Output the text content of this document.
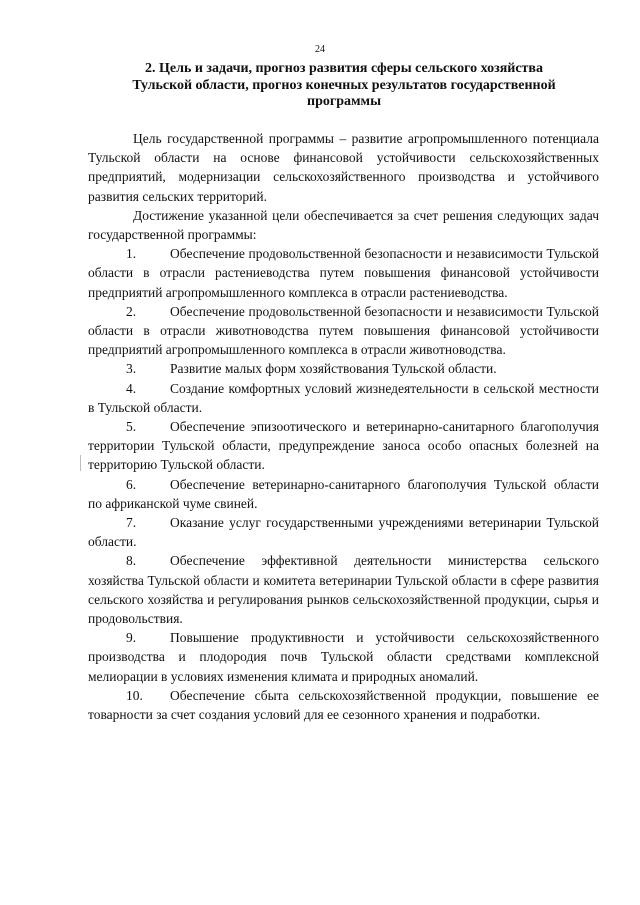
24
2. Цель и задачи, прогноз развития сферы сельского хозяйства
Тульской области, прогноз конечных результатов государственной
программы

Цель государственной программы – развитие агропромышленного потенциала Тульской области на основе финансовой устойчивости сельскохозяйственных предприятий, модернизации сельскохозяйственного производства и устойчивого развития сельских территорий.

Достижение указанной цели обеспечивается за счет решения следующих задач государственной программы:

1.	Обеспечение продовольственной безопасности и независимости Тульской области в отрасли растениеводства путем повышения финансовой устойчивости предприятий агропромышленного комплекса в отрасли растениеводства.

2.	Обеспечение продовольственной безопасности и независимости Тульской области в отрасли животноводства путем повышения финансовой устойчивости предприятий агропромышленного комплекса в отрасли животноводства.

3.	Развитие малых форм хозяйствования Тульской области.

4.	Создание комфортных условий жизнедеятельности в сельской местности в Тульской области.

5.	Обеспечение эпизоотического и ветеринарно-санитарного благополучия территории Тульской области, предупреждение заноса особо опасных болезней на территорию Тульской области.

6.	Обеспечение ветеринарно-санитарного благополучия Тульской области по африканской чуме свиней.

7.	Оказание услуг государственными учреждениями ветеринарии Тульской области.

8.	Обеспечение эффективной деятельности министерства сельского хозяйства Тульской области и комитета ветеринарии Тульской области в сфере развития сельского хозяйства и регулирования рынков сельскохозяйственной продукции, сырья и продовольствия.

9.	Повышение продуктивности и устойчивости сельскохозяйственного производства и плодородия почв Тульской области средствами комплексной мелиорации в условиях изменения климата и природных аномалий.

10. Обеспечение сбыта сельскохозяйственной продукции, повышение ее товарности за счет создания условий для ее сезонного хранения и подработки.
